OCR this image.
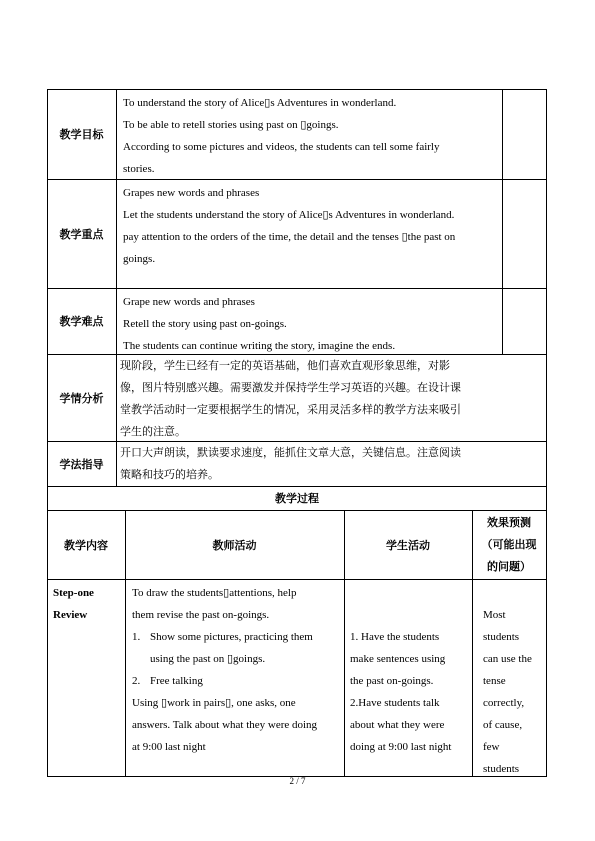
教学目标
To understand the story of Alice▯s Adventures in wonderland.
To be able to retell stories using past on ▯goings.
According to some pictures and videos, the students can tell some fairly
stories.
教学重点
Grapes new words and phrases
Let the students understand the story of Alice▯s Adventures in wonderland.
pay attention to the orders of the time, the detail and the tenses ▯the past on
goings.
教学难点
Grape new words and phrases
Retell the story using past on-goings.
The students can continue writing the story, imagine the ends.
学情分析
现阶段，学生已经有一定的英语基础，他们喜欢直观形象思维，对影
像，图片特别感兴趣。需要激发并保持学生学习英语的兴趣。在设计课
堂教学活动时一定要根据学生的情况，采用灵活多样的教学方法来吸引
学生的注意。
学法指导
开口大声朗读，默读要求速度，能抓住文章大意，关键信息。注意阅读
策略和技巧的培养。
教学过程
教学内容	教师活动	学生活动
效果预测
（可能出现
的问题）
Step-one
Review
To draw the students▯attentions, help
them revise the past on-goings.
1. Show some pictures, practicing them
using the past on ▯goings.
2. Free talking
Using ▯work in pairs▯, one asks, one
answers. Talk about what they were doing
at 9:00 last night
1. Have the students
make sentences using
the past on-goings.
2.Have students talk
about what they were
doing at 9:00 last night
Most
students
can use the
tense
correctly,
of cause,
few
students
2 / 7
